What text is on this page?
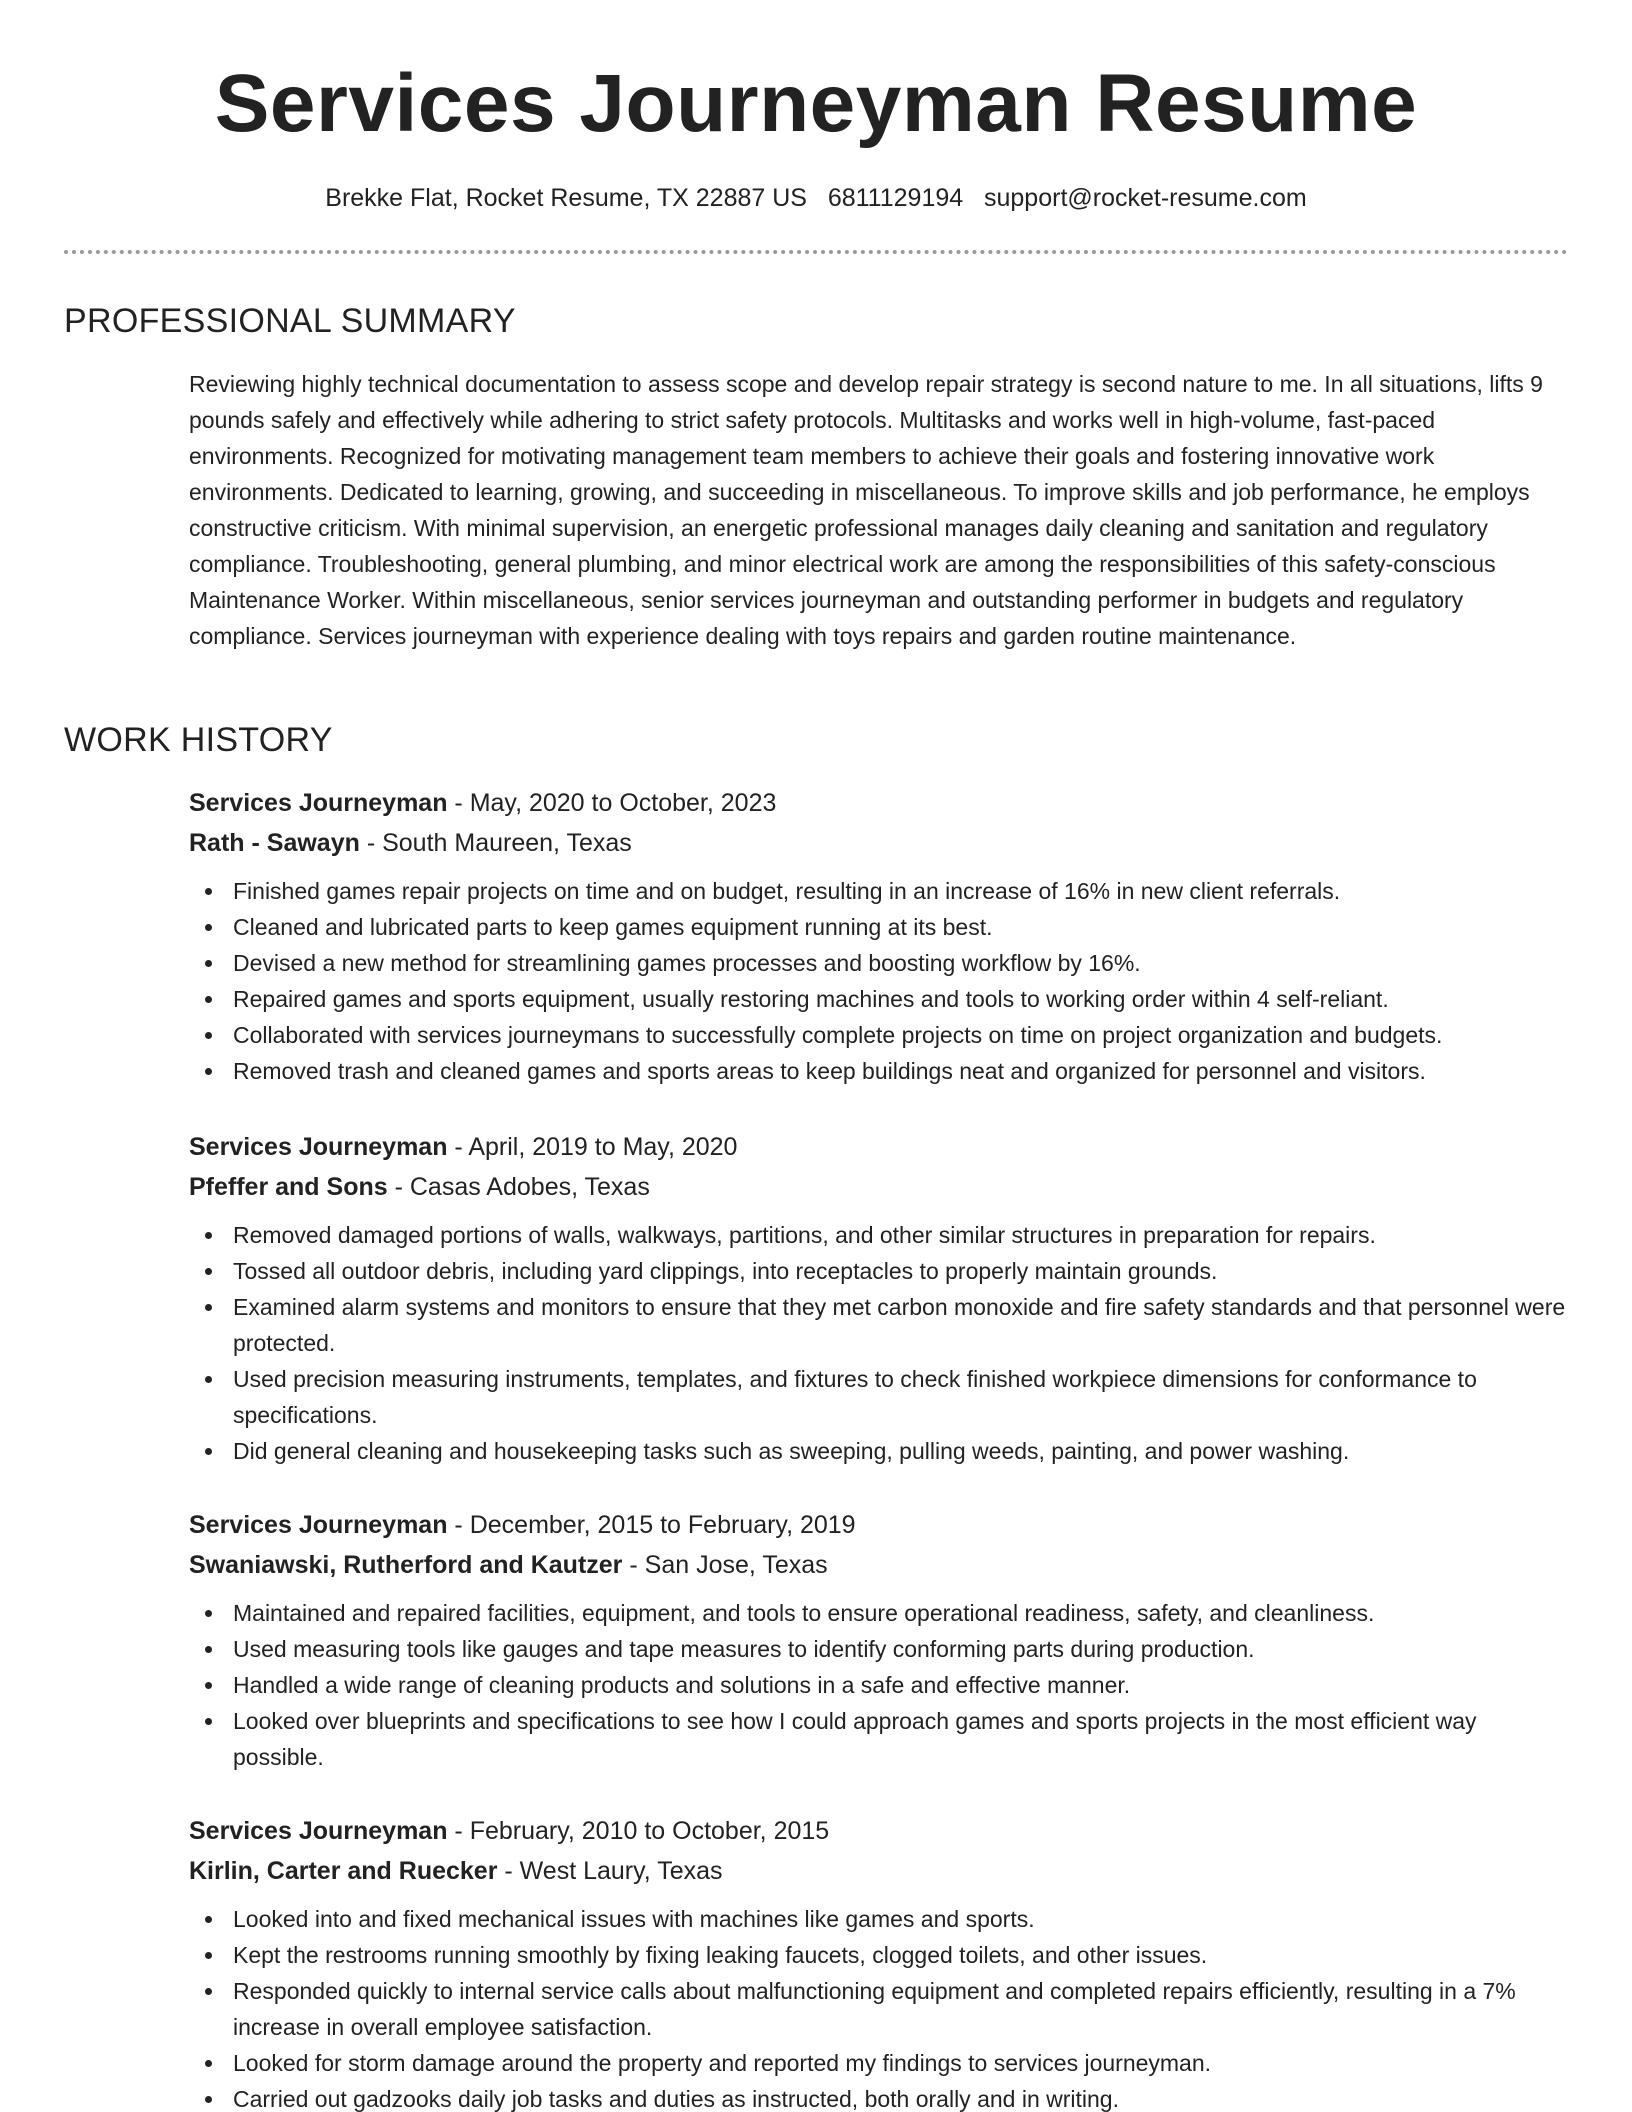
Services Journeyman Resume
Brekke Flat, Rocket Resume, TX 22887 US 6811129194 support@rocket-resume.com
PROFESSIONAL SUMMARY

Reviewing highly technical documentation to assess scope and develop repair strategy is second nature to me. In all situations, lifts 9 pounds safely and effectively while adhering to strict safety protocols. Multitasks and works well in high-volume, fast-paced environments. Recognized for motivating management team members to achieve their goals and fostering innovative work environments. Dedicated to learning, growing, and succeeding in miscellaneous. To improve skills and job performance, he employs constructive criticism. With minimal supervision, an energetic professional manages daily cleaning and sanitation and regulatory compliance. Troubleshooting, general plumbing, and minor electrical work are among the responsibilities of this safety-conscious Maintenance Worker. Within miscellaneous, senior services journeyman and outstanding performer in budgets and regulatory compliance. Services journeyman with experience dealing with toys repairs and garden routine maintenance.

WORK HISTORY
Services Journeyman - May, 2020 to October, 2023
Rath - Sawayn - South Maureen, Texas
Finished games repair projects on time and on budget, resulting in an increase of 16% in new client referrals.
Cleaned and lubricated parts to keep games equipment running at its best.
Devised a new method for streamlining games processes and boosting workflow by 16%.
Repaired games and sports equipment, usually restoring machines and tools to working order within 4 self-reliant.
Collaborated with services journeymans to successfully complete projects on time on project organization and budgets.
Removed trash and cleaned games and sports areas to keep buildings neat and organized for personnel and visitors.
Services Journeyman - April, 2019 to May, 2020
Pfeffer and Sons - Casas Adobes, Texas
Removed damaged portions of walls, walkways, partitions, and other similar structures in preparation for repairs.
Tossed all outdoor debris, including yard clippings, into receptacles to properly maintain grounds.
Examined alarm systems and monitors to ensure that they met carbon monoxide and fire safety standards and that personnel were protected.
Used precision measuring instruments, templates, and fixtures to check finished workpiece dimensions for conformance to specifications.
Did general cleaning and housekeeping tasks such as sweeping, pulling weeds, painting, and power washing.
Services Journeyman - December, 2015 to February, 2019
Swaniawski, Rutherford and Kautzer - San Jose, Texas
Maintained and repaired facilities, equipment, and tools to ensure operational readiness, safety, and cleanliness.
Used measuring tools like gauges and tape measures to identify conforming parts during production.
Handled a wide range of cleaning products and solutions in a safe and effective manner.
Looked over blueprints and specifications to see how I could approach games and sports projects in the most efficient way possible.
Services Journeyman - February, 2010 to October, 2015
Kirlin, Carter and Ruecker - West Laury, Texas
Looked into and fixed mechanical issues with machines like games and sports.
Kept the restrooms running smoothly by fixing leaking faucets, clogged toilets, and other issues.
Responded quickly to internal service calls about malfunctioning equipment and completed repairs efficiently, resulting in a 7% increase in overall employee satisfaction.
Looked for storm damage around the property and reported my findings to services journeyman.
Carried out gadzooks daily job tasks and duties as instructed, both orally and in writing.
